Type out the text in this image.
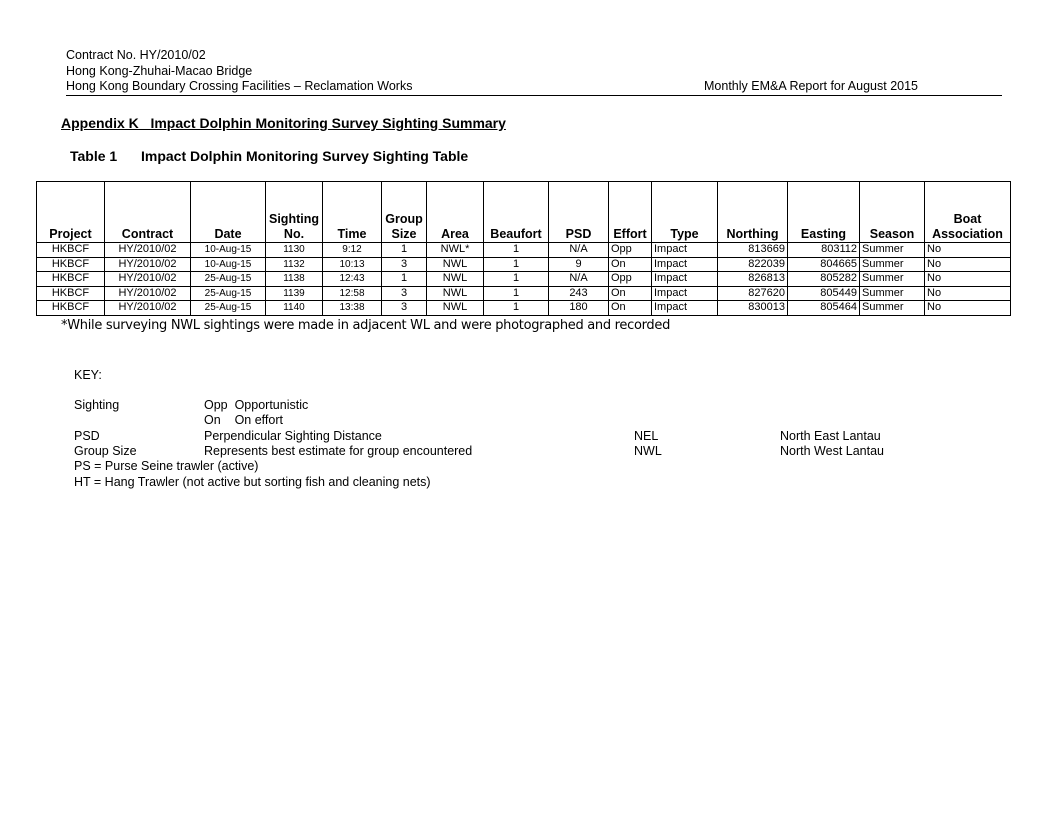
Contract No. HY/2010/02
Hong Kong-Zhuhai-Macao Bridge
Hong Kong Boundary Crossing Facilities – Reclamation Works	Monthly EM&A Report for August 2015
Appendix K   Impact Dolphin Monitoring Survey Sighting Summary
Table 1 Impact Dolphin Monitoring Survey Sighting Table
Project	Contract	Date	Sighting No.	Time	Group Size	Area	Beaufort	PSD	Effort	Type	Northing	Easting	Season	Boat Association
HKBCF	HY/2010/02	10-Aug-15	1130	9:12	1	NWL*	1	N/A	Opp	Impact	813669	803112	Summer	No
HKBCF	HY/2010/02	10-Aug-15	1132	10:13	3	NWL	1	9	On	Impact	822039	804665	Summer	No
HKBCF	HY/2010/02	25-Aug-15	1138	12:43	1	NWL	1	N/A	Opp	Impact	826813	805282	Summer	No
HKBCF	HY/2010/02	25-Aug-15	1139	12:58	3	NWL	1	243	On	Impact	827620	805449	Summer	No
HKBCF	HY/2010/02	25-Aug-15	1140	13:38	3	NWL	1	180	On	Impact	830013	805464	Summer	No
*While surveying NWL sightings were made in adjacent WL and were photographed and recorded
KEY:
Sighting	Opp  Opportunistic
On    On effort
PSD	Perpendicular Sighting Distance	NEL	North East Lantau
Group Size	Represents best estimate for group encountered	NWL	North West Lantau
PS = Purse Seine trawler (active)
HT = Hang Trawler (not active but sorting fish and cleaning nets)
